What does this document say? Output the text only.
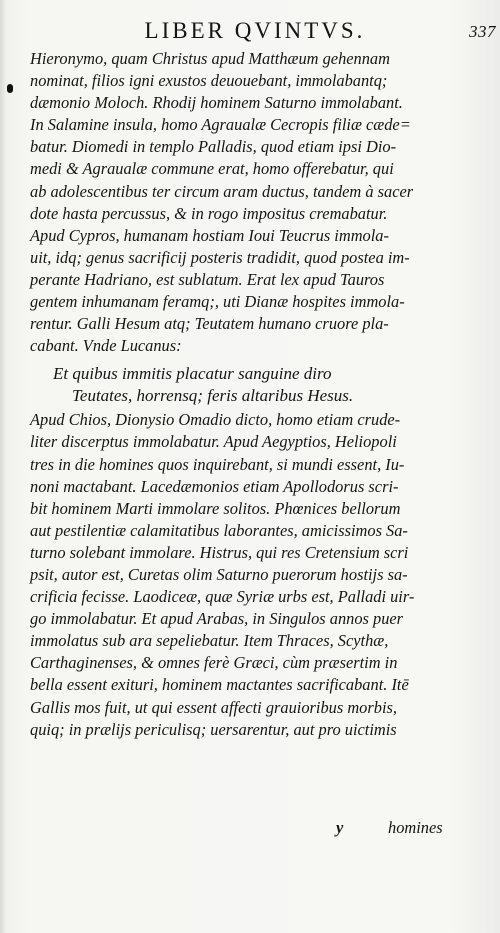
LIBER QVINTVS.	337
Hieronymo, quam Christus apud Matthæum gehennam
nominat, filios igni exustos deuouebant, immolabantq;
dæmonio Moloch. Rhodij hominem Saturno immolabant.
In Salamine insula, homo Agraualæ Cecropis filiæ cæde=
batur. Diomedi in templo Palladis, quod etiam ipsi Dio-
medi & Agraualæ commune erat, homo offerebatur, qui
ab adolescentibus ter circum aram ductus, tandem à sacer
dote hasta percussus, & in rogo impositus cremabatur.
Apud Cypros, humanam hostiam Ioui Teucrus immola-
uit, idq; genus sacrificij posteris tradidit, quod postea im-
perante Hadriano, est sublatum. Erat lex apud Tauros
gentem inhumanam feramq;, uti Dianæ hospites immola-
rentur. Galli Hesum atq; Teutatem humano cruore pla-
cabant. Vnde Lucanus:
Et quibus immitis placatur sanguine diro
Teutates, horrensq; feris altaribus Hesus.
Apud Chios, Dionysio Omadio dicto, homo etiam crude-
liter discerptus immolabatur. Apud Aegyptios, Heliopoli
tres in die homines quos inquirebant, si mundi essent, Iu-
noni mactabant. Lacedæmonios etiam Apollodorus scri-
bit hominem Marti immolare solitos. Phœnices bellorum
aut pestilentiæ calamitatibus laborantes, amicissimos Sa-
turno solebant immolare. Histrus, qui res Cretensium scri
psit, autor est, Curetas olim Saturno puerorum hostijs sa-
crificia fecisse. Laodiceæ, quæ Syriæ urbs est, Palladi uir-
go immolabatur. Et apud Arabas, in Singulos annos puer
immolatus sub ara sepeliebatur. Item Thraces, Scythæ,
Carthaginenses, & omnes ferè Græci, cùm præsertim in
bella essent exituri, hominem mactantes sacrificabant. Itē
Gallis mos fuit, ut qui essent affecti grauioribus morbis,
quiq; in prælijs periculisq; uersarentur, aut pro uictimis
y	homines
